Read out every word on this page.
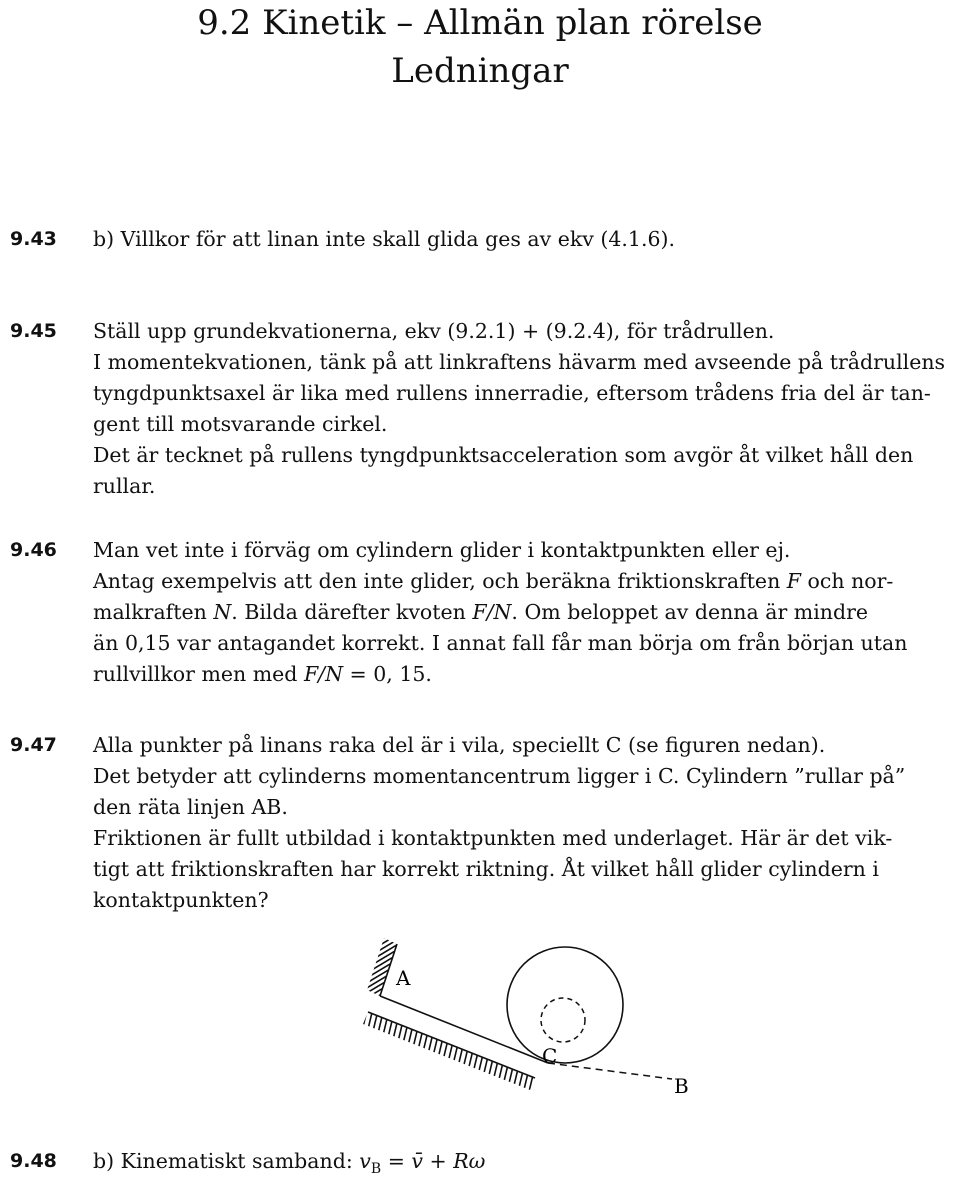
9.2 Kinetik – Allmän plan rörelse
Ledningar
9.43 b) Villkor för att linan inte skall glida ges av ekv (4.1.6).
9.45 Ställ upp grundekvationerna, ekv (9.2.1) + (9.2.4), för trådrullen.
I momentekvationen, tänk på att linkraftens hävarm med avseende på trådrullens
tyngdpunktsaxel är lika med rullens innerradie, eftersom trådens fria del är tan-
gent till motsvarande cirkel.
Det är tecknet på rullens tyngdpunktsacceleration som avgör åt vilket håll den
rullar.
9.46 Man vet inte i förväg om cylindern glider i kontaktpunkten eller ej.
Antag exempelvis att den inte glider, och beräkna friktionskraften F och nor-
malkraften N. Bilda därefter kvoten F/N. Om beloppet av denna är mindre
än 0,15 var antagandet korrekt. I annat fall får man börja om från början utan
rullvillkor men med F/N = 0, 15.
9.47 Alla punkter på linans raka del är i vila, speciellt C (se figuren nedan).
Det betyder att cylinderns momentancentrum ligger i C. Cylindern ”rullar på”
den räta linjen AB.
Friktionen är fullt utbildad i kontaktpunkten med underlaget. Här är det vik-
tigt att friktionskraften har korrekt riktning. Åt vilket håll glider cylindern i
kontaktpunkten?
A
C
B
9.48 b) Kinematiskt samband: $v_B$ = v̄ + Rω
